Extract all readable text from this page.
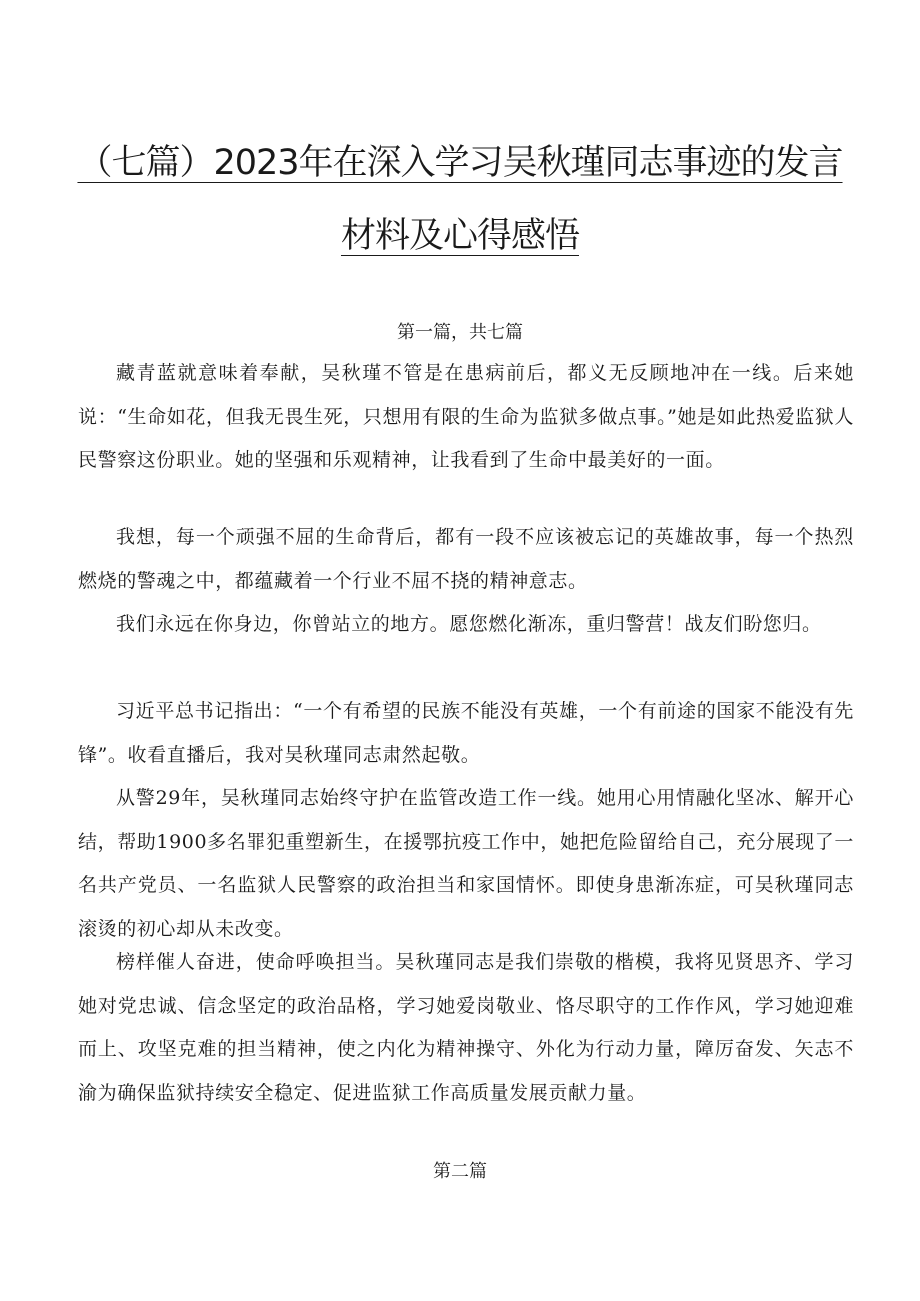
（七篇）2023年在深入学习吴秋瑾同志事迹的发言
材料及心得感悟

第一篇，共七篇

藏青蓝就意味着奉献，吴秋瑾不管是在患病前后，都义无反顾地冲在一线。后来她说：“生命如花，但我无畏生死，只想用有限的生命为监狱多做点事。”她是如此热爱监狱人民警察这份职业。她的坚强和乐观精神，让我看到了生命中最美好的一面。

我想，每一个顽强不屈的生命背后，都有一段不应该被忘记的英雄故事，每一个热烈燃烧的警魂之中，都蕴藏着一个行业不屈不挠的精神意志。

我们永远在你身边，你曾站立的地方。愿您燃化渐冻，重归警营！战友们盼您归。

习近平总书记指出：“一个有希望的民族不能没有英雄，一个有前途的国家不能没有先锋”。收看直播后，我对吴秋瑾同志肃然起敬。

从警29年，吴秋瑾同志始终守护在监管改造工作一线。她用心用情融化坚冰、解开心结，帮助1900多名罪犯重塑新生，在援鄂抗疫工作中，她把危险留给自己，充分展现了一名共产党员、一名监狱人民警察的政治担当和家国情怀。即使身患渐冻症，可吴秋瑾同志滚烫的初心却从未改变。

榜样催人奋进，使命呼唤担当。吴秋瑾同志是我们崇敬的楷模，我将见贤思齐、学习她对党忠诚、信念坚定的政治品格，学习她爱岗敬业、恪尽职守的工作作风，学习她迎难而上、攻坚克难的担当精神，使之内化为精神操守、外化为行动力量，障厉奋发、矢志不渝为确保监狱持续安全稳定、促进监狱工作高质量发展贡献力量。

第二篇
